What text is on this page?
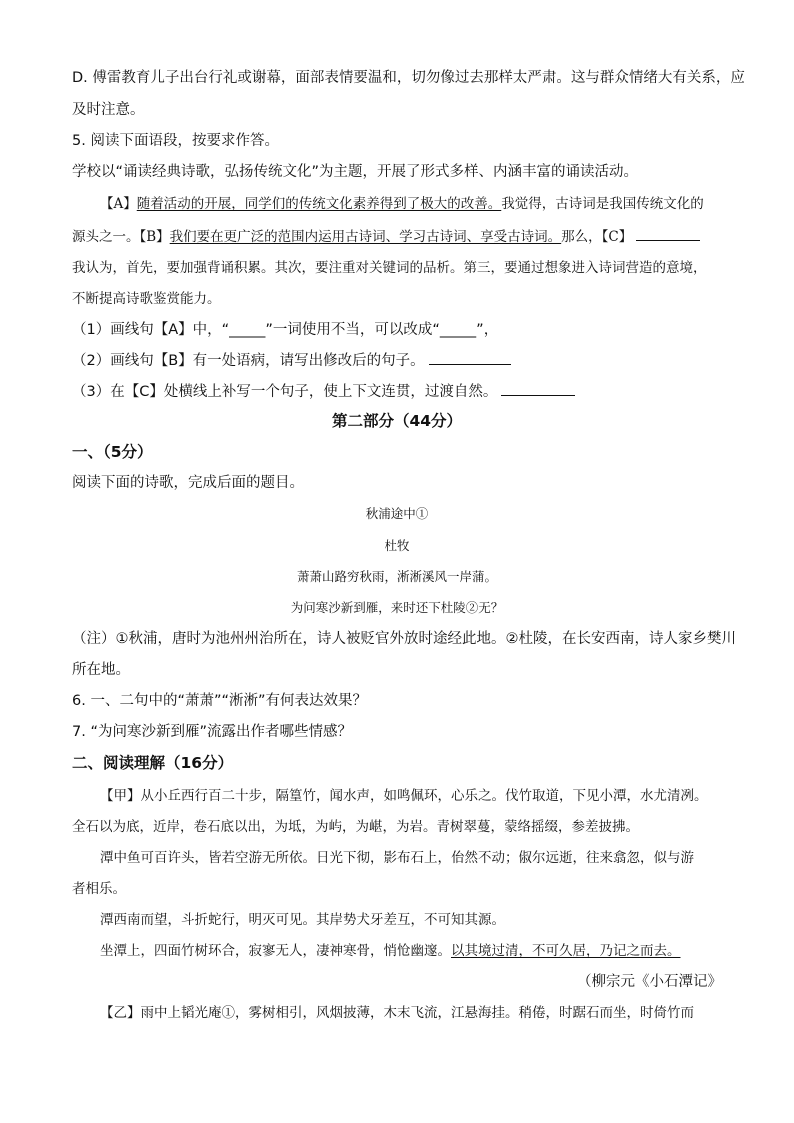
D. 傅雷教育儿子出台行礼或谢幕，面部表情要温和，切勿像过去那样太严肃。这与群众情绪大有关系，应
及时注意。
5. 阅读下面语段，按要求作答。
学校以“诵读经典诗歌，弘扬传统文化”为主题，开展了形式多样、内涵丰富的诵读活动。
【A】随着活动的开展，同学们的传统文化素养得到了极大的改善。我觉得，古诗词是我国传统文化的
源头之一。【B】我们要在更广泛的范围内运用古诗词、学习古诗词、享受古诗词。那么，【C】
我认为，首先，要加强背诵积累。其次，要注重对关键词的品析。第三，要通过想象进入诗词营造的意境，
不断提高诗歌鉴赏能力。
（1）画线句【A】中，“_____”一词使用不当，可以改成“_____”，
（2）画线句【B】有一处语病，请写出修改后的句子。
（3）在【C】处横线上补写一个句子，使上下文连贯，过渡自然。
第二部分（44分）
一、（5分）
阅读下面的诗歌，完成后面的题目。
秋浦途中①
杜牧
萧萧山路穷秋雨，淅淅溪风一岸蒲。
为问寒沙新到雁，来时还下杜陵②无？
（注）①秋浦，唐时为池州州治所在，诗人被贬官外放时途经此地。②杜陵，在长安西南，诗人家乡樊川
所在地。
6. 一、二句中的“萧萧”“淅淅”有何表达效果？
7. “为问寒沙新到雁”流露出作者哪些情感？
二、阅读理解（16分）
【甲】从小丘西行百二十步，隔篁竹，闻水声，如鸣佩环，心乐之。伐竹取道，下见小潭，水尤清冽。
全石以为底，近岸，卷石底以出，为坻，为屿，为嵁，为岩。青树翠蔓，蒙络摇缀，参差披拂。
潭中鱼可百许头，皆若空游无所依。日光下彻，影布石上，佁然不动；俶尔远逝，往来翕忽，似与游
者相乐。
潭西南而望，斗折蛇行，明灭可见。其岸势犬牙差互，不可知其源。
坐潭上，四面竹树环合，寂寥无人，凄神寒骨，悄怆幽邃。以其境过清，不可久居，乃记之而去。
（柳宗元《小石潭记》
【乙】雨中上韬光庵①，雾树相引，风烟披薄，木末飞流，江悬海挂。稍倦，时踞石而坐，时倚竹而
